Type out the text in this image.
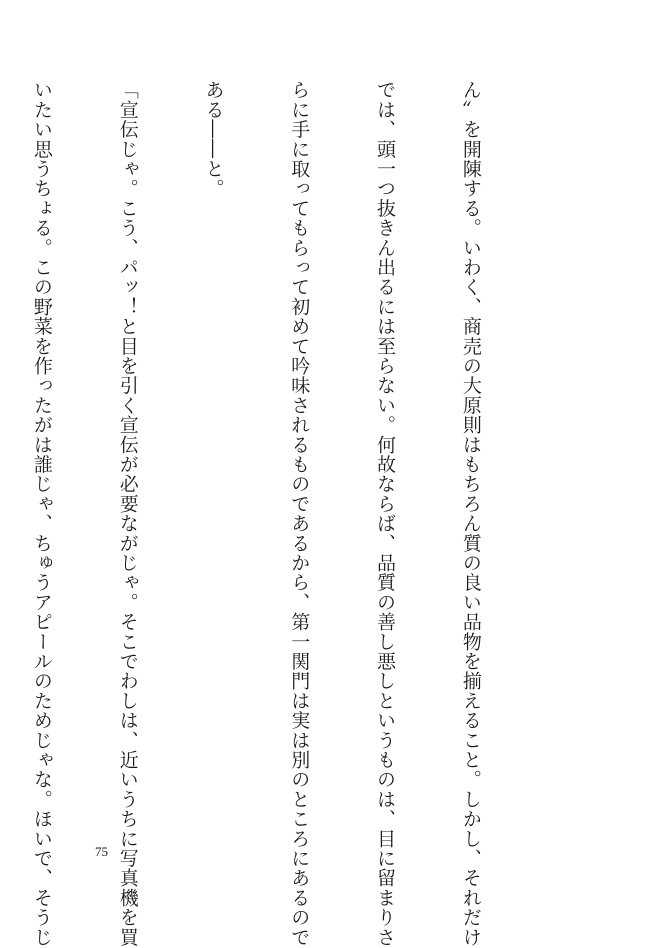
ん〟を開陳する。いわく、商売の大原則はもちろん質の良い品物を揃えること。しかし、それだけ

では、頭一つ抜きん出るには至らない。何故ならば、品質の善し悪しというものは、目に留まりさ

らに手に取ってもらって初めて吟味されるものであるから、第一関門は実は別のところにあるので

ある――と。

「宣伝じゃ。こう、パッ！と目を引く宣伝が必要ながじゃ。そこでわしは、近いうちに写真機を買

いたい思うちょる。この野菜を作ったがは誰じゃ、ちゅうアピールのためじゃな。ほいで、そうじ

	75
